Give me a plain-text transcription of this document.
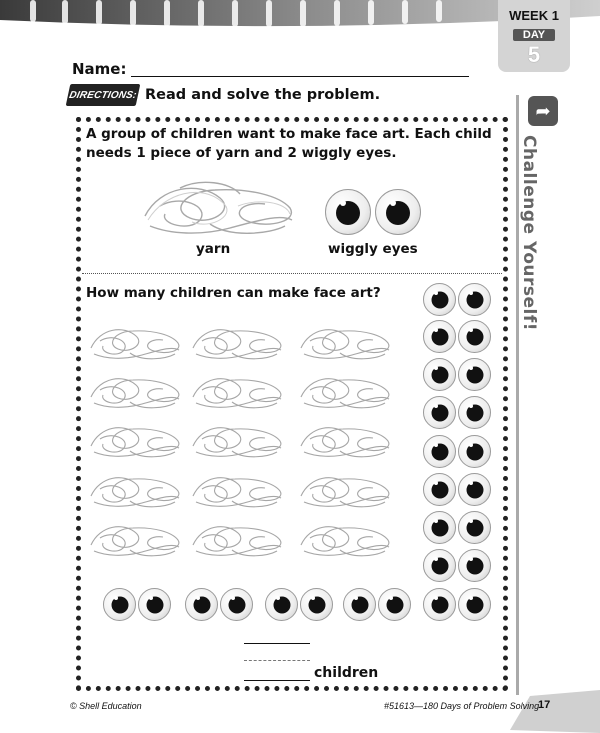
WEEK 1
DAY
5
Name:
DIRECTIONS: Read and solve the problem.
A group of children want to make face art. Each child needs 1 piece of yarn and 2 wiggly eyes.
yarn	wiggly eyes
How many children can make face art?
children
➦
Challenge Yourself!
© Shell Education	#51613—180 Days of Problem Solving
17
